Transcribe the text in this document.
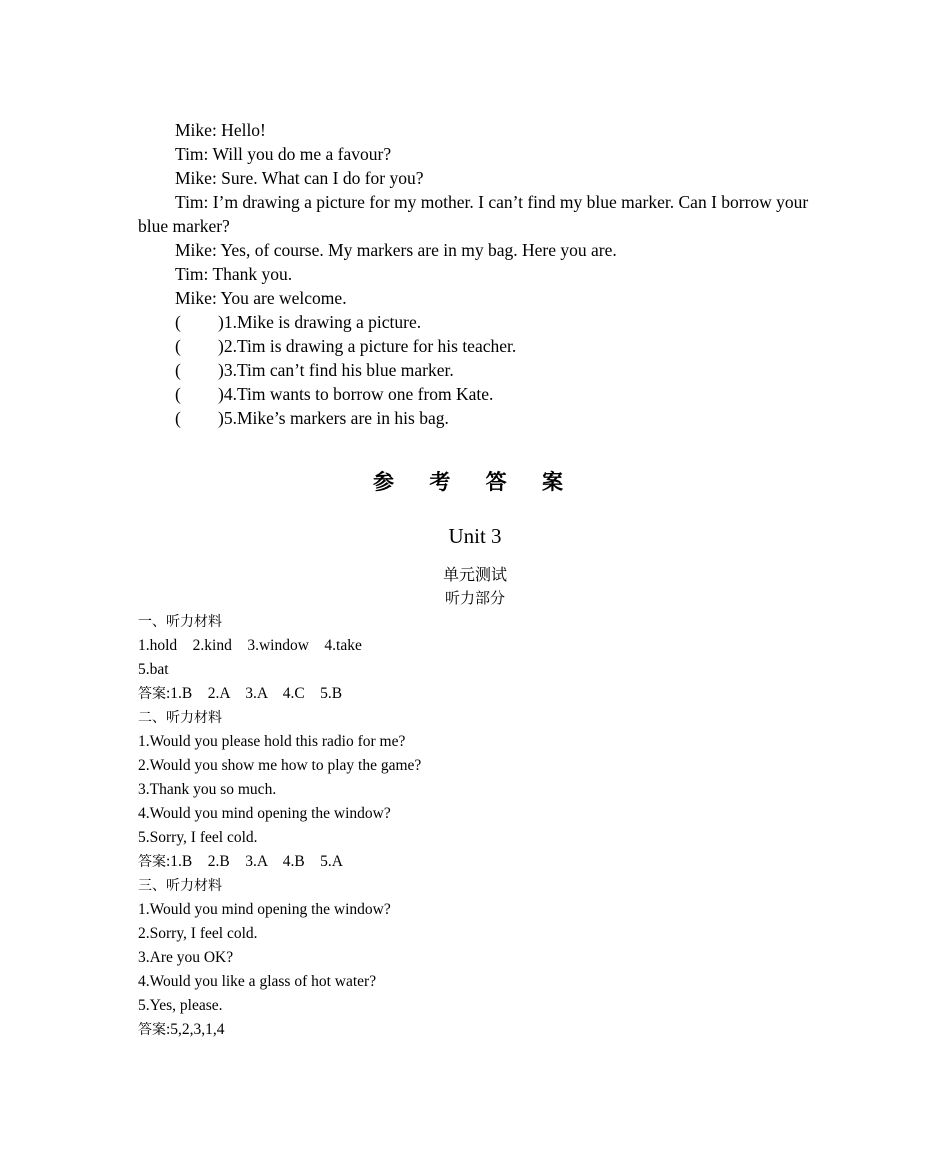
Mike: Hello!
Tim: Will you do me a favour?
Mike: Sure. What can I do for you?
Tim: I’m drawing a picture for my mother. I can’t find my blue marker. Can I borrow your blue marker?
Mike: Yes, of course. My markers are in my bag. Here you are.
Tim: Thank you.
Mike: You are welcome.
( )1.Mike is drawing a picture.
( )2.Tim is drawing a picture for his teacher.
( )3.Tim can’t find his blue marker.
( )4.Tim wants to borrow one from Kate.
( )5.Mike’s markers are in his bag.
参 考 答 案
Unit 3
单元测试
听力部分
一、听力材料
1.hold    2.kind    3.window    4.take
5.bat
答案:1.B    2.A    3.A    4.C    5.B
二、听力材料
1.Would you please hold this radio for me?
2.Would you show me how to play the game?
3.Thank you so much.
4.Would you mind opening the window?
5.Sorry, I feel cold.
答案:1.B    2.B    3.A    4.B    5.A
三、听力材料
1.Would you mind opening the window?
2.Sorry, I feel cold.
3.Are you OK?
4.Would you like a glass of hot water?
5.Yes, please.
答案:5,2,3,1,4
